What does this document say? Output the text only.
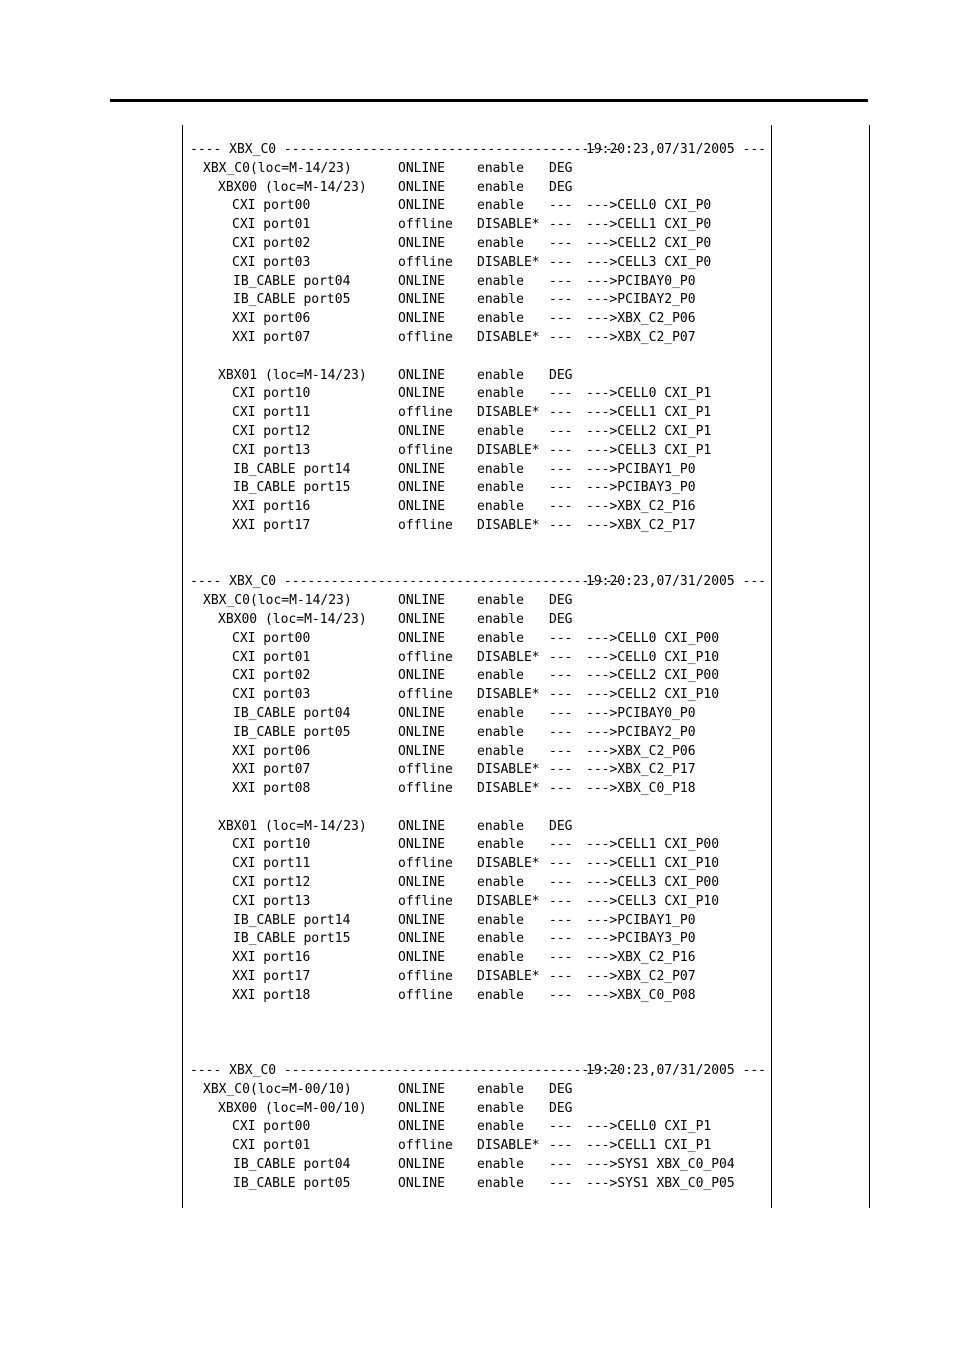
---- XBX_C0 -------------------------------------------
19:20:23,07/31/2005 ---
XBX_C0(loc=M-14/23)	ONLINE enable DEG
XBX00 (loc=M-14/23) ONLINE enable DEG
CXI port00	ONLINE enable --- --->CELL0 CXI_P0
CXI port01	offline DISABLE* --- --->CELL1 CXI_P0
CXI port02	ONLINE enable --- --->CELL2 CXI_P0
CXI port03	offline DISABLE* --- --->CELL3 CXI_P0
IB_CABLE port04	ONLINE enable --- --->PCIBAY0_P0
IB_CABLE port05	ONLINE enable --- --->PCIBAY2_P0
XXI port06	ONLINE enable --- --->XBX_C2_P06
XXI port07	offline DISABLE* --- --->XBX_C2_P07
XBX01 (loc=M-14/23) ONLINE enable DEG
CXI port10	ONLINE enable --- --->CELL0 CXI_P1
CXI port11	offline DISABLE* --- --->CELL1 CXI_P1
CXI port12	ONLINE enable --- --->CELL2 CXI_P1
CXI port13	offline DISABLE* --- --->CELL3 CXI_P1
IB_CABLE port14	ONLINE enable --- --->PCIBAY1_P0
IB_CABLE port15	ONLINE enable --- --->PCIBAY3_P0
XXI port16	ONLINE enable --- --->XBX_C2_P16
XXI port17	offline DISABLE* --- --->XBX_C2_P17
---- XBX_C0 -------------------------------------------
19:20:23,07/31/2005 ---
XBX_C0(loc=M-14/23)	ONLINE enable DEG
XBX00 (loc=M-14/23) ONLINE enable DEG
CXI port00	ONLINE enable --- --->CELL0 CXI_P00
CXI port01	offline DISABLE* --- --->CELL0 CXI_P10
CXI port02	ONLINE enable --- --->CELL2 CXI_P00
CXI port03	offline DISABLE* --- --->CELL2 CXI_P10
IB_CABLE port04	ONLINE enable --- --->PCIBAY0_P0
IB_CABLE port05	ONLINE enable --- --->PCIBAY2_P0
XXI port06	ONLINE enable --- --->XBX_C2_P06
XXI port07	offline DISABLE* --- --->XBX_C2_P17
XXI port08	offline DISABLE* --- --->XBX_C0_P18
XBX01 (loc=M-14/23) ONLINE enable DEG
CXI port10	ONLINE enable --- --->CELL1 CXI_P00
CXI port11	offline DISABLE* --- --->CELL1 CXI_P10
CXI port12	ONLINE enable --- --->CELL3 CXI_P00
CXI port13	offline DISABLE* --- --->CELL3 CXI_P10
IB_CABLE port14	ONLINE enable --- --->PCIBAY1_P0
IB_CABLE port15	ONLINE enable --- --->PCIBAY3_P0
XXI port16	ONLINE enable --- --->XBX_C2_P16
XXI port17	offline DISABLE* --- --->XBX_C2_P07
XXI port18	offline enable --- --->XBX_C0_P08
---- XBX_C0 -------------------------------------------
19:20:23,07/31/2005 ---
XBX_C0(loc=M-00/10)	ONLINE enable DEG
XBX00 (loc=M-00/10) ONLINE enable DEG
CXI port00	ONLINE enable --- --->CELL0 CXI_P1
CXI port01	offline DISABLE* --- --->CELL1 CXI_P1
IB_CABLE port04	ONLINE enable --- --->SYS1 XBX_C0_P04
IB_CABLE port05	ONLINE enable --- --->SYS1 XBX_C0_P05
